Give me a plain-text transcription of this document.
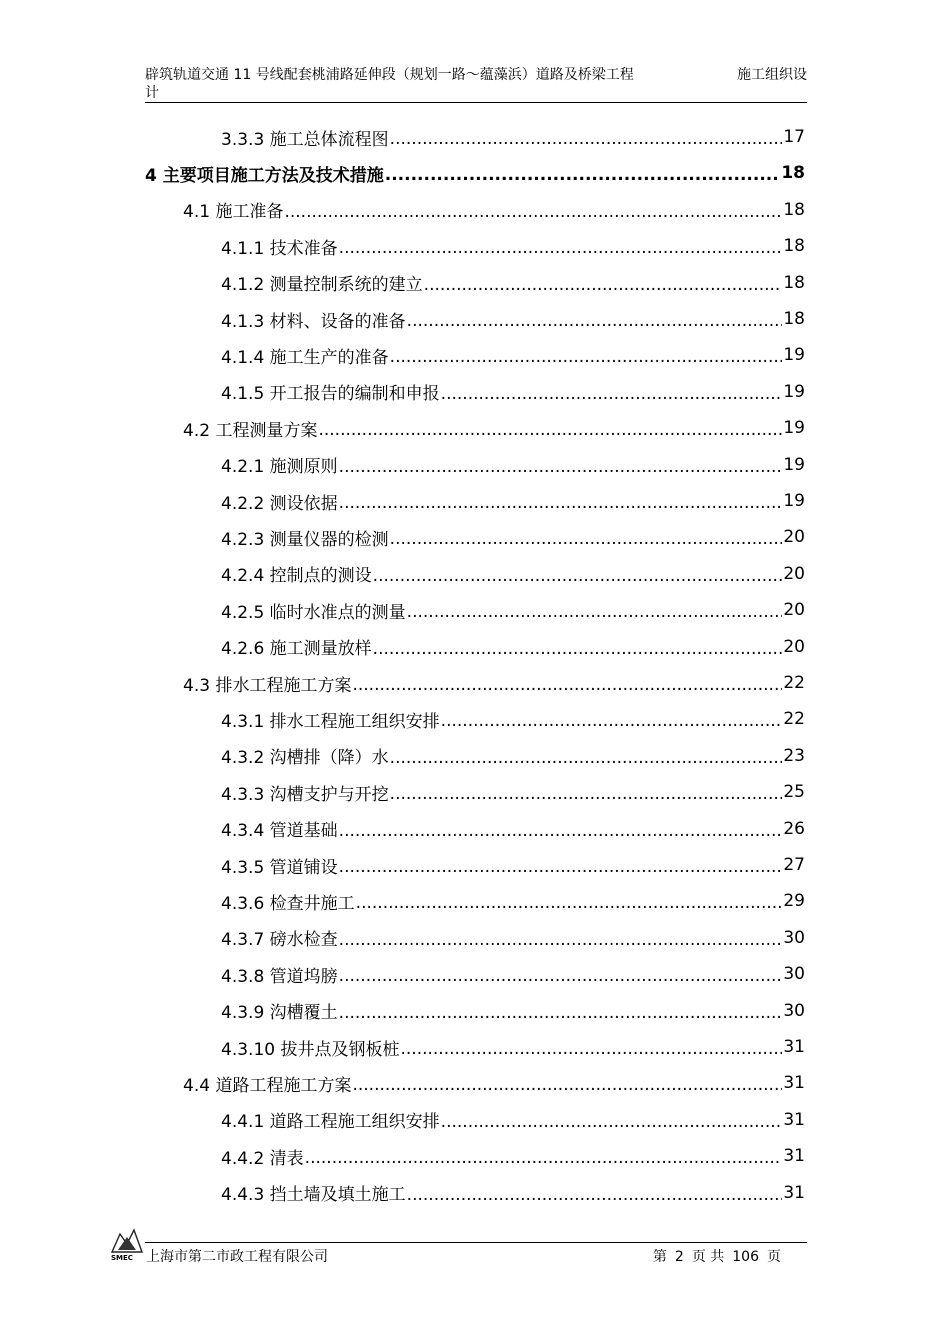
辟筑轨道交通 11 号线配套桃浦路延伸段（规划一路～蕴藻浜）道路及桥梁工程
计
施工组织设
3.3.3 施工总体流程图 .....	17
4 主要项目施工方法及技术措施 .....	18
4.1 施工准备 .....	18
4.1.1 技术准备 .....	18
4.1.2 测量控制系统的建立 .....	18
4.1.3 材料、设备的准备 .....	18
4.1.4 施工生产的准备 .....	19
4.1.5 开工报告的编制和申报 .....	19
4.2 工程测量方案 .....	19
4.2.1 施测原则 .....	19
4.2.2 测设依据 .....	19
4.2.3 测量仪器的检测 .....	20
4.2.4 控制点的测设 .....	20
4.2.5 临时水准点的测量 .....	20
4.2.6 施工测量放样 .....	20
4.3 排水工程施工方案 .....	22
4.3.1 排水工程施工组织安排 .....	22
4.3.2 沟槽排（降）水 .....	23
4.3.3 沟槽支护与开挖 .....	25
4.3.4 管道基础 .....	26
4.3.5 管道铺设 .....	27
4.3.6 检查井施工 .....	29
4.3.7 磅水检查 .....	30
4.3.8 管道坞膀 .....	30
4.3.9 沟槽覆土 .....	30
4.3.10 拔井点及钢板桩 .....	31
4.4 道路工程施工方案 .....	31
4.4.1 道路工程施工组织安排 .....	31
4.4.2 清表 .....	31
4.4.3 挡土墙及填土施工 .....	31
SMEC 上海市第二市政工程有限公司	第 2 页 共 106 页
